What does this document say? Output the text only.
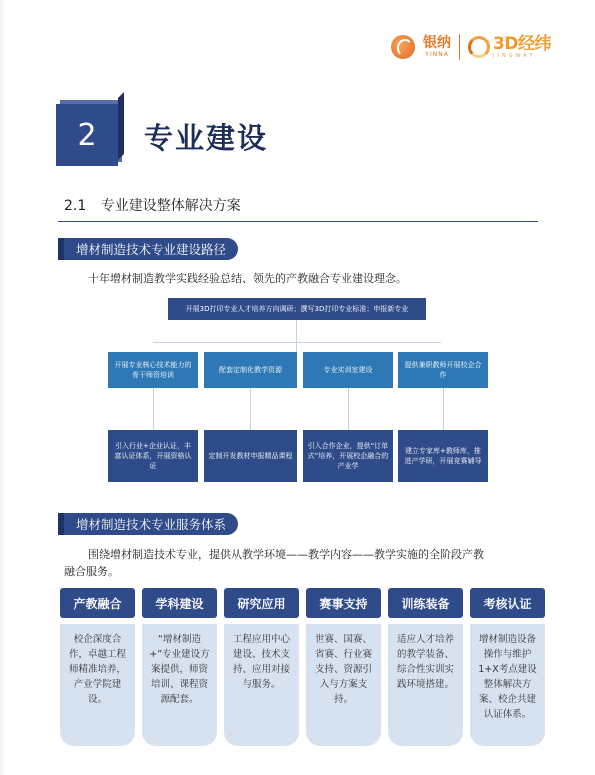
银纳
YINNA
3D经纬
JINGWAY
2	专业建设
2.1 专业建设整体解决方案
增材制造技术专业建设路径
十年增材制造教学实践经验总结、领先的产教融合专业建设理念。
开展3D打印专业人才培养方向调研；撰写3D打印专业标准；申报新专业
开展专业核心技术能力的骨干师资培训
配套定制化教学资源	专业实训室建设
提供兼职教师开展校企合作
引入行业+企业认证，丰富认证体系，开展资格认证
定制开发教材申报精品课程
引入合作企业，提供“订单式”培养，开展校企融合的产业学
建立专家库+教师库，推进产学研，开展竞赛辅导
增材制造技术专业服务体系
围绕增材制造技术专业，提供从教学环境——教学内容——教学实施的全阶段产教
融合服务。
产教融合
校企深度合作，卓越工程师精准培养，产业学院建设。
学科建设
“增材制造+”专业建设方案提供，师资培训、课程资源配套。
研究应用
工程应用中心建设、技术支持、应用对接与服务。
赛事支持
世赛、国赛、省赛、行业赛支持、资源引入与方案支持。
训练装备
适应人才培养的教学装备、综合性实训实践环境搭建。
考核认证
增材制造设备操作与维护1+X考点建设整体解决方案、校企共建认证体系。
